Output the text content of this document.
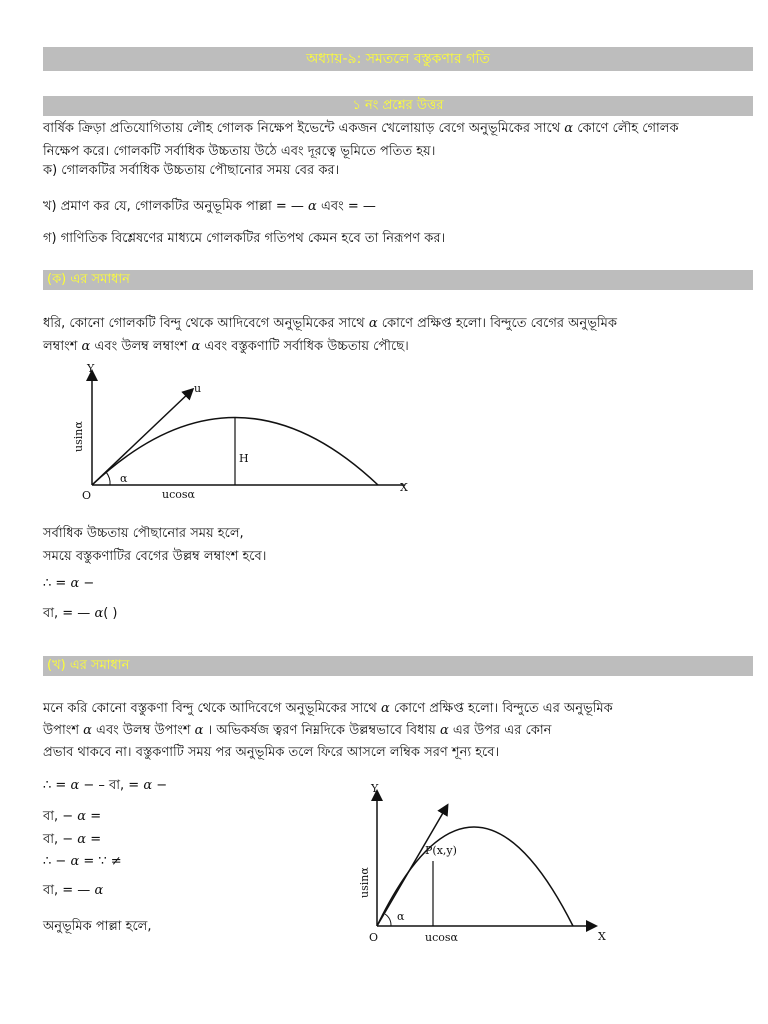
অধ্যায়-৯: সমতলে বস্তুকণার গতি
১ নং প্রশ্নের উত্তর
বার্ষিক ক্রিড়া প্রতিযোগিতায় লৌহ গোলক নিক্ষেপ ইভেন্টে একজন খেলোয়াড় বেগে অনুভূমিকের সাথে α কোণে লৌহ গোলক
নিক্ষেপ করে। গোলকটি সর্বাধিক উচ্চতায় উঠে এবং দূরত্বে ভূমিতে পতিত হয়।
ক) গোলকটির সর্বাধিক উচ্চতায় পৌছানোর সময় বের কর।
খ) প্রমাণ কর যে, গোলকটির অনুভূমিক পাল্লা = — α এবং = —
গ) গাণিতিক বিশ্লেষণের মাধ্যমে গোলকটির গতিপথ কেমন হবে তা নিরূপণ কর।
(ক) এর সমাধান
ধরি, কোনো গোলকটি বিন্দু থেকে আদিবেগে অনুভূমিকের সাথে α কোণে প্রক্ষিপ্ত হলো। বিন্দুতে বেগের অনুভূমিক
লম্বাংশ α এবং উলম্ব লম্বাংশ α এবং বস্তুকণাটি সর্বাধিক উচ্চতায় পৌছে।
Y
X
O
u
α
H
ucosα
usinα
সর্বাধিক উচ্চতায় পৌছানোর সময় হলে,
সময়ে বস্তুকণাটির বেগের উল্লম্ব লম্বাংশ হবে।
∴ = α −
বা, = — α( )
(খ) এর সমাধান
মনে করি কোনো বস্তুকণা বিন্দু থেকে আদিবেগে অনুভূমিকের সাথে α কোণে প্রক্ষিপ্ত হলো। বিন্দুতে এর অনুভূমিক
উপাংশ α এবং উলম্ব উপাংশ α । অভিকর্ষজ ত্বরণ নিম্নদিকে উল্লম্বভাবে বিধায় α এর উপর এর কোন
প্রভাব থাকবে না। বস্তুকণাটি সময় পর অনুভূমিক তলে ফিরে আসলে লম্বিক সরণ শূন্য হবে।
∴ = α − – বা, = α −
বা, − α =
বা, − α =
∴ − α = ∵ ≠
বা, = — α
অনুভূমিক পাল্লা হলে,
Y
X
O
P(x,y)
α
ucosα
usinα
